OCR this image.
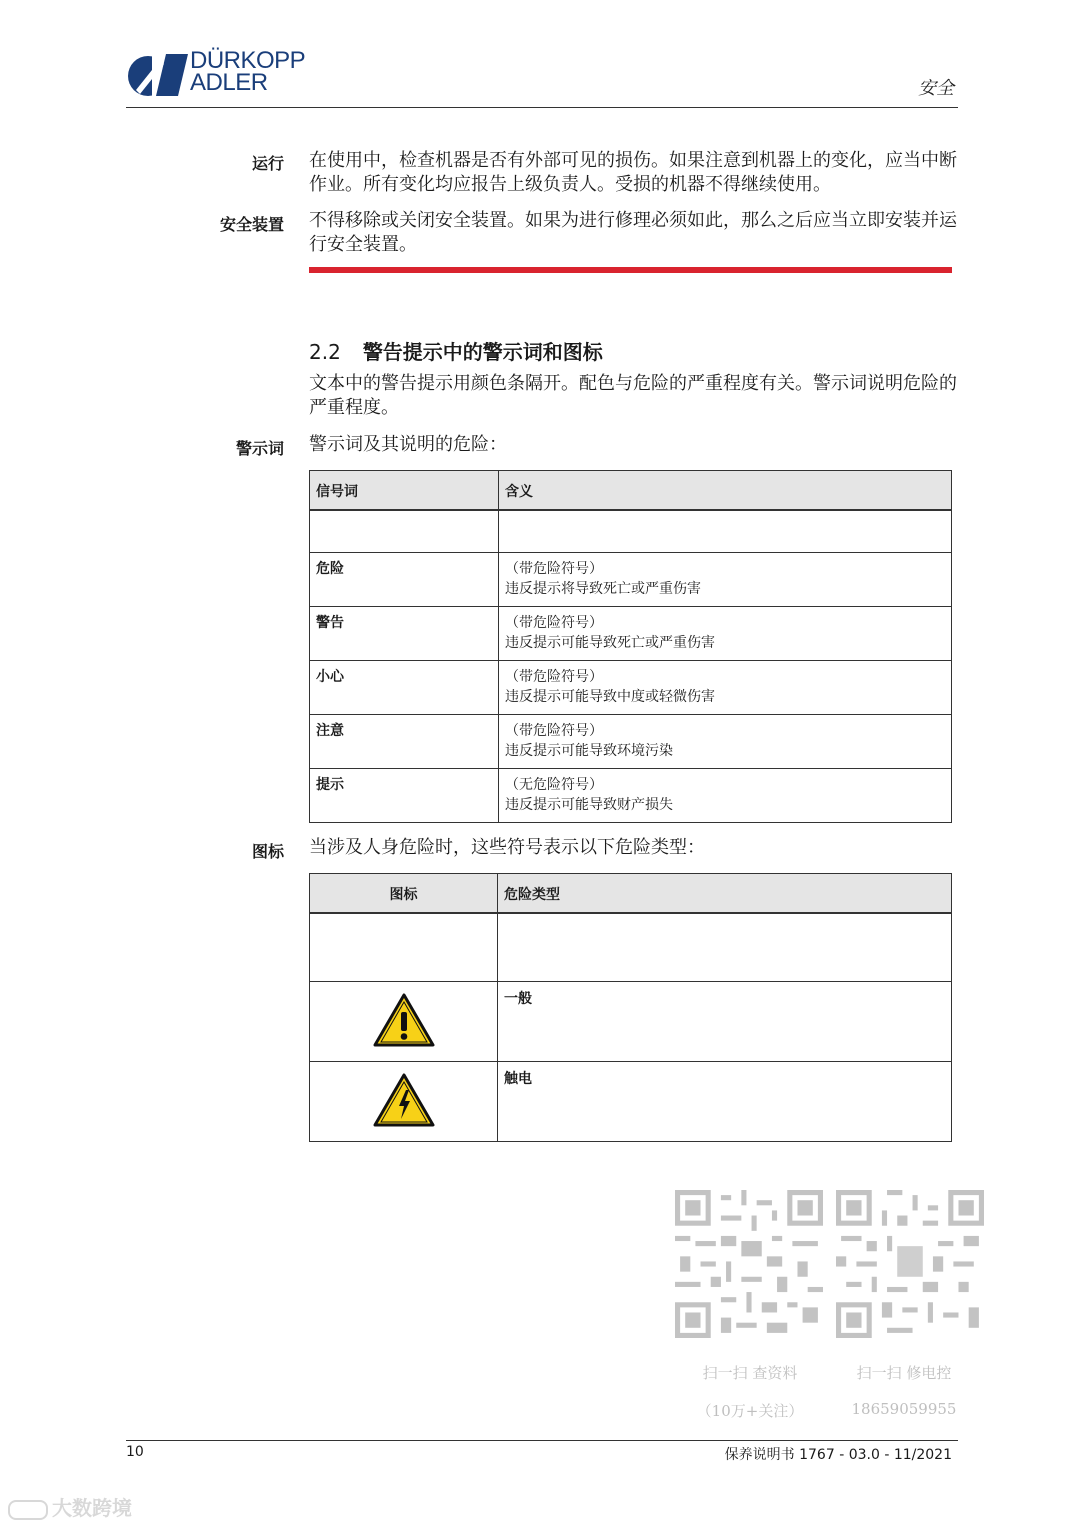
DÜRKOPP
ADLER	安全
运行 在使用中，检查机器是否有外部可见的损伤。如果注意到机器上的变化，应当中断作业。所有变化均应报告上级负责人。受损的机器不得继续使用。
安全装置 不得移除或关闭安全装置。如果为进行修理必须如此，那么之后应当立即安装并运行安全装置。
2.2 警告提示中的警示词和图标
文本中的警告提示用颜色条隔开。配色与危险的严重程度有关。警示词说明危险的严重程度。
警示词 警示词及其说明的危险：
信号词	含义

危险	（带危险符号）
违反提示将导致死亡或严重伤害

警告	（带危险符号）
违反提示可能导致死亡或严重伤害

小心	（带危险符号）
违反提示可能导致中度或轻微伤害

注意	（带危险符号）
违反提示可能导致环境污染

提示	（无危险符号）
违反提示可能导致财产损失
图标 当涉及人身危险时，这些符号表示以下危险类型：
图标	危险类型

	一般
	触电
扫一扫 查资料
（10万+关注）
扫一扫 修电控
18659059955
10	保养说明书 1767 - 03.0 - 11/2021
大数跨境
